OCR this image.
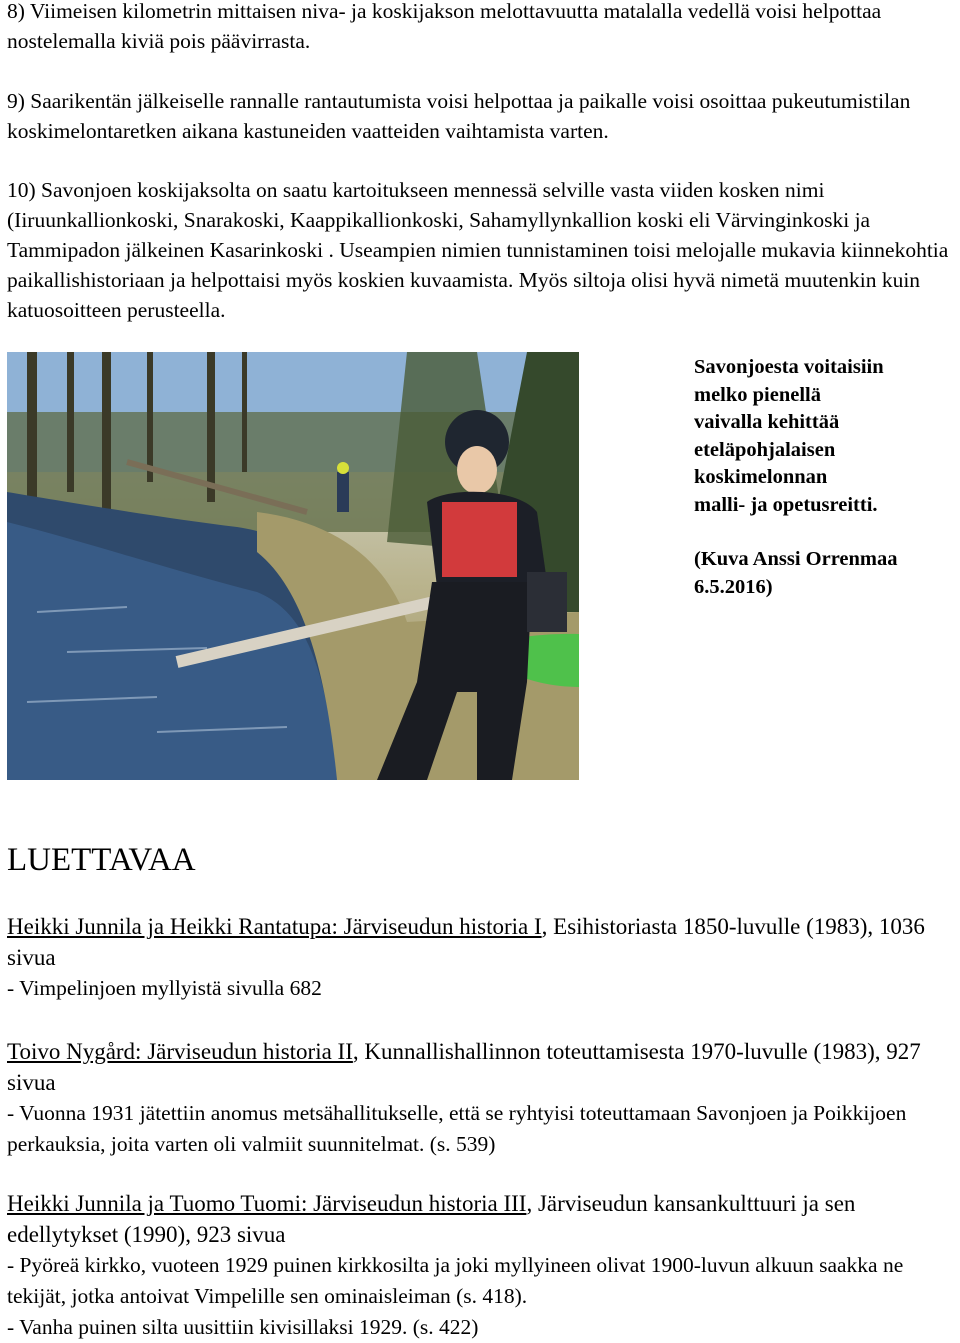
8) Viimeisen kilometrin mittaisen niva- ja koskijakson melottavuutta matalalla vedellä voisi helpottaa nostelemalla kiviä pois päävirrasta.

9) Saarikentän jälkeiselle rannalle rantautumista voisi helpottaa ja paikalle voisi osoittaa pukeutumistilan koskimelontaretken aikana kastuneiden vaatteiden vaihtamista varten.

10) Savonjoen koskijaksolta on saatu kartoitukseen mennessä selville vasta viiden kosken nimi (Iiruunkallionkoski, Snarakoski, Kaappikallionkoski, Sahamyllynkallion koski eli Värvinginkoski ja Tammipadon jälkeinen Kasarinkoski . Useampien nimien tunnistaminen toisi melojalle mukavia kiinnekohtia paikallishistoriaan ja helpottaisi myös koskien kuvaamista. Myös siltoja olisi hyvä nimetä muutenkin kuin katuosoitteen perusteella.

Savonjoesta voitaisiin
melko pienellä
vaivalla kehittää
eteläpohjalaisen
koskimelonnan
malli- ja opetusreitti.
(Kuva Anssi Orrenmaa
6.5.2016)
LUETTAVAA
Heikki Junnila ja Heikki Rantatupa: Järviseudun historia I, Esihistoriasta 1850-luvulle (1983), 1036 sivua
- Vimpelinjoen myllyistä sivulla 682
Toivo Nygård: Järviseudun historia II, Kunnallishallinnon toteuttamisesta 1970-luvulle (1983), 927 sivua
- Vuonna 1931 jätettiin anomus metsähallitukselle, että se ryhtyisi toteuttamaan Savonjoen ja Poikkijoen perkauksia, joita varten oli valmiit suunnitelmat. (s. 539)
Heikki Junnila ja Tuomo Tuomi: Järviseudun historia III, Järviseudun kansankulttuuri ja sen edellytykset (1990), 923 sivua
- Pyöreä kirkko, vuoteen 1929 puinen kirkkosilta ja joki myllyineen olivat 1900-luvun alkuun saakka ne tekijät, jotka antoivat Vimpelille sen ominaisleiman (s. 418).
- Vanha puinen silta uusittiin kivisillaksi 1929. (s. 422)
